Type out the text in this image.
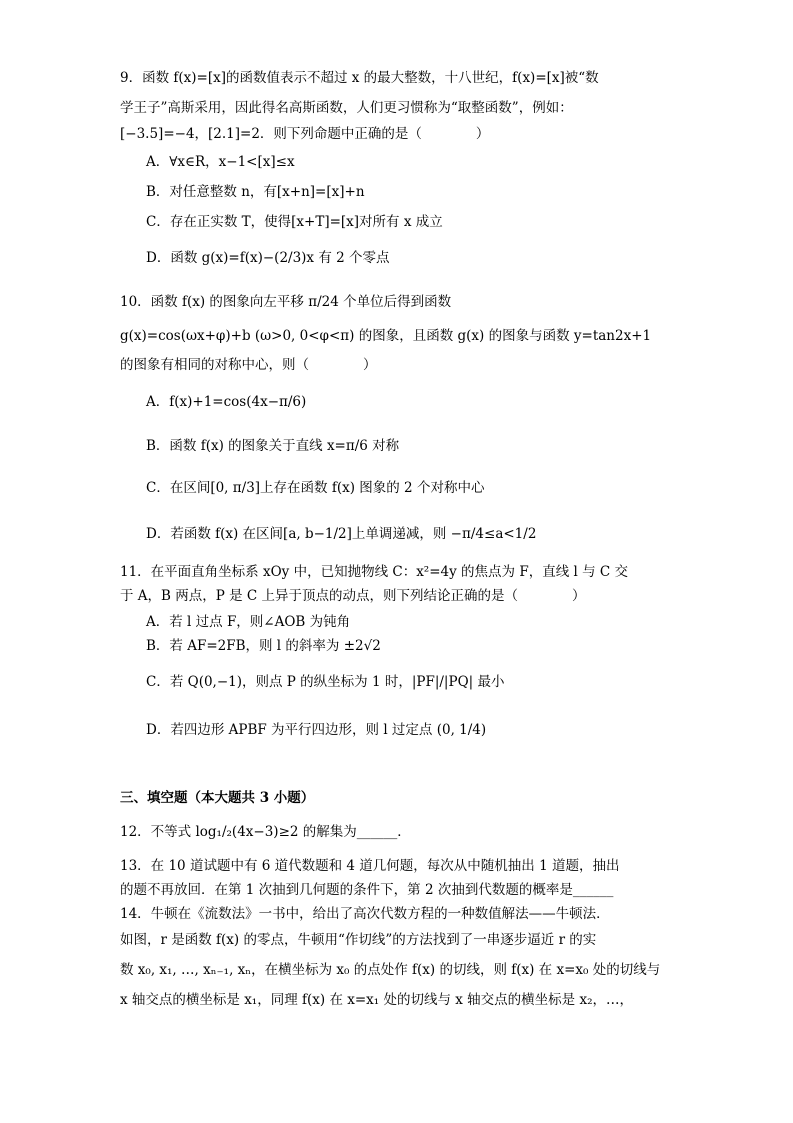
9．函数 f(x)=[x]的函数值表示不超过 x 的最大整数，十八世纪，f(x)=[x]被“数
学王子”高斯采用，因此得名高斯函数，人们更习惯称为“取整函数”，例如：
[−3.5]=−4，[2.1]=2．则下列命题中正确的是（　　　　）
A．∀x∈R，x−1<[x]≤x
B．对任意整数 n，有[x+n]=[x]+n
C．存在正实数 T，使得[x+T]=[x]对所有 x 成立
D．函数 g(x)=f(x)−(2/3)x 有 2 个零点
10．函数 f(x) 的图象向左平移 π/24 个单位后得到函数
g(x)=cos(ωx+φ)+b (ω>0, 0<φ<π) 的图象，且函数 g(x) 的图象与函数 y=tan2x+1
的图象有相同的对称中心，则（　　　　）
A．f(x)+1=cos(4x−π/6)
B．函数 f(x) 的图象关于直线 x=π/6 对称
C．在区间[0, π/3]上存在函数 f(x) 图象的 2 个对称中心
D．若函数 f(x) 在区间[a, b−1/2]上单调递减，则 −π/4≤a<1/2
11．在平面直角坐标系 xOy 中，已知抛物线 C：x²=4y 的焦点为 F，直线 l 与 C 交
于 A，B 两点，P 是 C 上异于顶点的动点，则下列结论正确的是（　　　　）
A．若 l 过点 F，则∠AOB 为钝角
B．若 AF=2FB，则 l 的斜率为 ±2√2
C．若 Q(0,−1)，则点 P 的纵坐标为 1 时，|PF|/|PQ| 最小
D．若四边形 APBF 为平行四边形，则 l 过定点 (0, 1/4)
三、填空题（本大题共 3 小题）
12．不等式 log₁/₂(4x−3)≥2 的解集为______．
13．在 10 道试题中有 6 道代数题和 4 道几何题，每次从中随机抽出 1 道题，抽出
的题不再放回．在第 1 次抽到几何题的条件下，第 2 次抽到代数题的概率是______
14．牛顿在《流数法》一书中，给出了高次代数方程的一种数值解法——牛顿法．
如图，r 是函数 f(x) 的零点，牛顿用“作切线”的方法找到了一串逐步逼近 r 的实
数 x₀, x₁, …, xₙ₋₁, xₙ，在横坐标为 x₀ 的点处作 f(x) 的切线，则 f(x) 在 x=x₀ 处的切线与
x 轴交点的横坐标是 x₁，同理 f(x) 在 x=x₁ 处的切线与 x 轴交点的横坐标是 x₂，…，
